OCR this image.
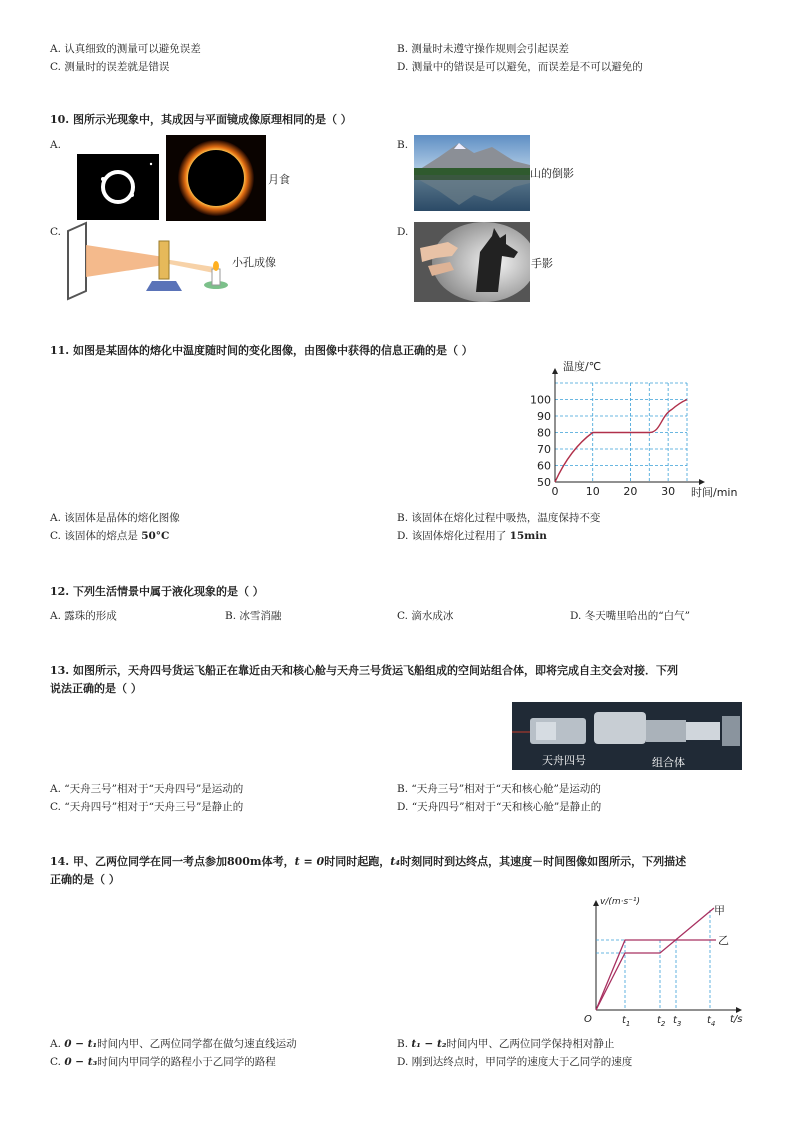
A. 认真细致的测量可以避免误差	B. 测量时未遵守操作规则会引起误差
C. 测量时的误差就是错误	D. 测量中的错误是可以避免，而误差是不可以避免的
10. 图所示光现象中，其成因与平面镜成像原理相同的是（ ）
A.	B.
C.	D.
月食	山的倒影
小孔成像	手影
11. 如图是某固体的熔化中温度随时间的变化图像，由图像中获得的信息正确的是（ ）
50
60
70
80
90
100
0 10 20 30
温度/℃
时间/min
A. 该固体是晶体的熔化图像	B. 该固体在熔化过程中吸热，温度保持不变
C. 该固体的熔点是 50°C	D. 该固体熔化过程用了 15min
12. 下列生活情景中属于液化现象的是（ ）
A. 露珠的形成	B. 冰雪消融	C. 滴水成冰	D. 冬天嘴里哈出的“白气”
13. 如图所示，天舟四号货运飞船正在靠近由天和核心舱与天舟三号货运飞船组成的空间站组合体，即将完成自主交会对接．下列
说法正确的是（ ）
天舟四号	组合体
A. “天舟三号”相对于“天舟四号”是运动的	B. “天舟三号”相对于“天和核心舱”是运动的
C. “天舟四号”相对于“天舟三号”是静止的	D. “天舟四号”相对于“天和核心舱”是静止的
14. 甲、乙两位同学在同一考点参加800m体考，t = 0时同时起跑，t₄时刻同时到达终点，其速度－时间图像如图所示，下列描述
正确的是（ ）
v/(m·s⁻¹)
t/s
O	$t_1$	$t_2$ $t_3$	$t_4$
甲
乙
A. 0 − t₁时间内甲、乙两位同学都在做匀速直线运动	B. t₁ − t₂时间内甲、乙两位同学保持相对静止
C. 0 − t₃时间内甲同学的路程小于乙同学的路程	D. 刚到达终点时，甲同学的速度大于乙同学的速度
